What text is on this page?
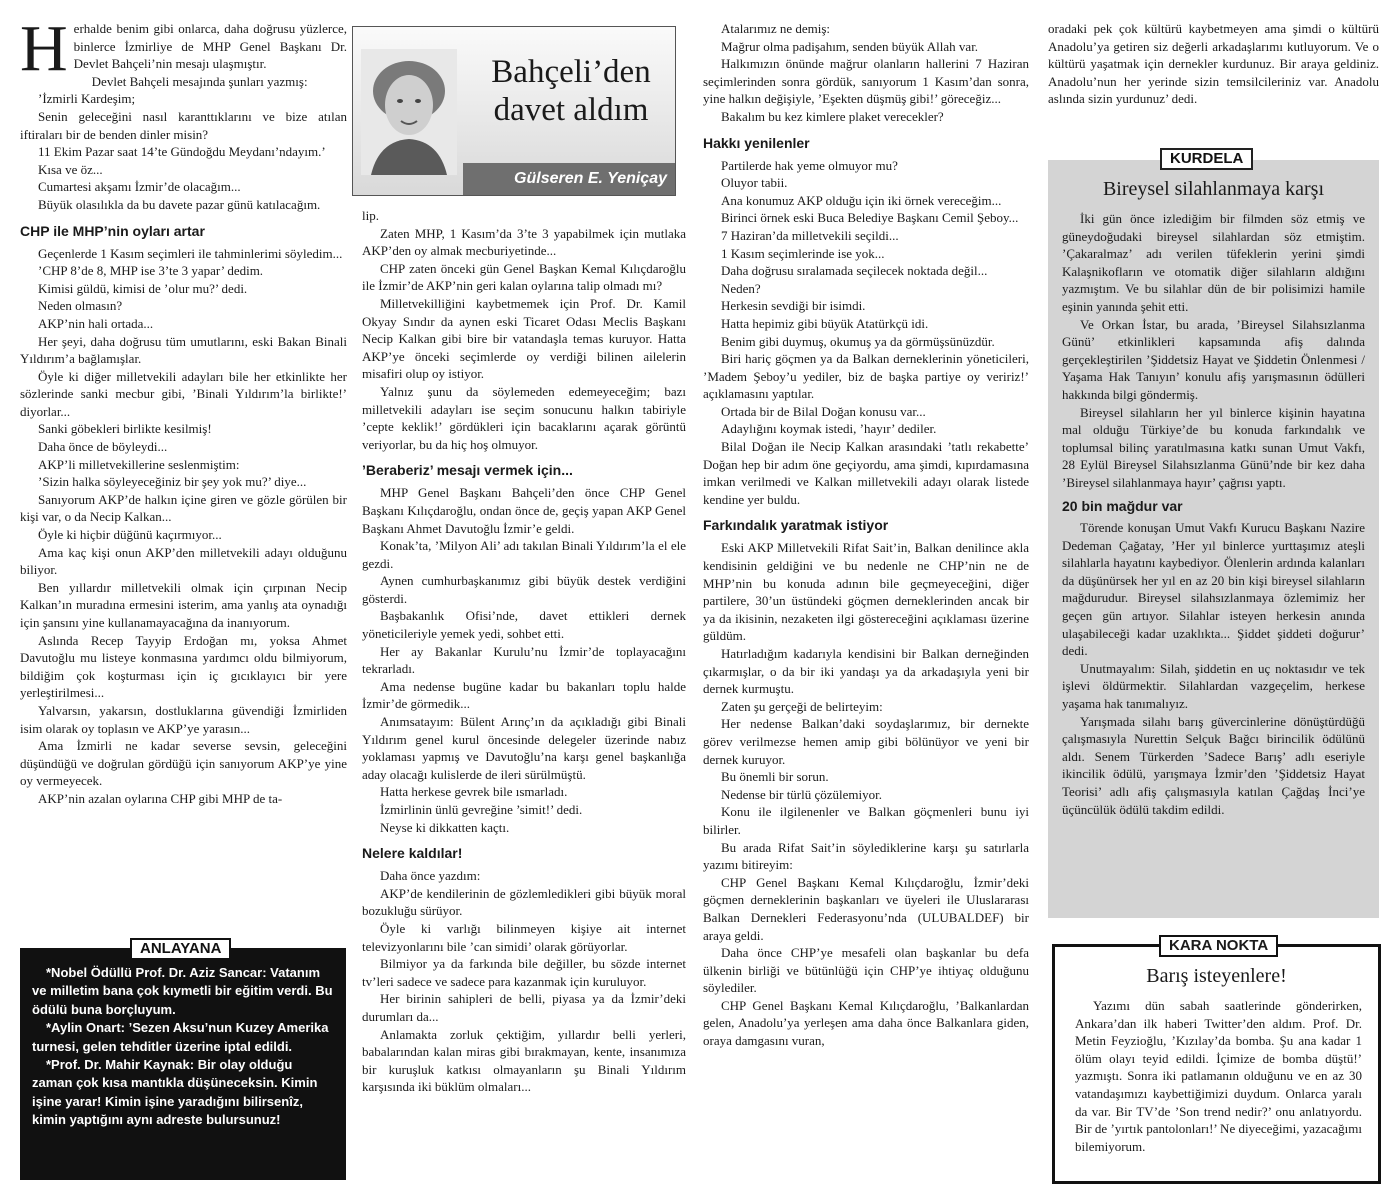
Herhalde benim gibi onlarca, daha doğrusu yüzlerce, binlerce İzmirliye de MHP Genel Başkanı Dr. Devlet Bahçeli’nin mesajı ulaşmıştır.

Devlet Bahçeli mesajında şunları yazmış:

’İzmirli Kardeşim;

Senin geleceğini nasıl karanttıklarını ve bize atılan iftiraları bir de benden dinler misin?

11 Ekim Pazar saat 14’te Gündoğdu Meydanı’ndayım.’

Kısa ve öz...

Cumartesi akşamı İzmir’de olacağım...

Büyük olasılıkla da bu davete pazar günü katılacağım.

CHP ile MHP’nin oyları artar

Geçenlerde 1 Kasım seçimleri ile tahminlerimi söyledim...

’CHP 8’de 8, MHP ise 3’te 3 yapar’ dedim.

Kimisi güldü, kimisi de ’olur mu?’ dedi.

Neden olmasın?

AKP’nin hali ortada...

Her şeyi, daha doğrusu tüm umutlarını, eski Bakan Binali Yıldırım’a bağlamışlar.

Öyle ki diğer milletvekili adayları bile her etkinlikte her sözlerinde sanki mecbur gibi, ’Binali Yıldırım’la birlikte!’ diyorlar...

Sanki göbekleri birlikte kesilmiş!

Daha önce de böyleydi...

AKP’li milletvekillerine seslenmiştim:

’Sizin halka söyleyeceğiniz bir şey yok mu?’ diye...

Sanıyorum AKP’de halkın içine giren ve gözle görülen bir kişi var, o da Necip Kalkan...

Öyle ki hiçbir düğünü kaçırmıyor...

Ama kaç kişi onun AKP’den milletvekili adayı olduğunu biliyor.

Ben yıllardır milletvekili olmak için çırpınan Necip Kalkan’ın muradına ermesini isterim, ama yanlış ata oynadığı için şansını yine kullanamayacağına da inanıyorum.

Aslında Recep Tayyip Erdoğan mı, yoksa Ahmet Davutoğlu mu listeye konmasına yardımcı oldu bilmiyorum, bildiğim çok koşturması için iç gıcıklayıcı bir yere yerleştirilmesi...

Yalvarsın, yakarsın, dostluklarına güvendiği İzmirliden isim olarak oy toplasın ve AKP’ye yarasın...

Ama İzmirli ne kadar severse sevsin, geleceğini düşündüğü ve doğrulan gördüğü için sanıyorum AKP’ye yine oy vermeyecek.

AKP’nin azalan oylarına CHP gibi MHP de ta-

Bahçeli’den
davet aldım
Gülseren E. Yeniçay
ANLAYANA

*Nobel Ödüllü Prof. Dr. Aziz Sancar: Vatanım ve milletim bana çok kıymetli bir eğitim verdi. Bu ödülü buna borçluyum.

*Aylin Onart: ’Sezen Aksu’nun Kuzey Amerika turnesi, gelen tehditler üzerine iptal edildi.

*Prof. Dr. Mahir Kaynak: Bir olay olduğu zaman çok kısa mantıkla düşüneceksin. Kimin işine yarar! Kimin işine yaradığını bilirsenîz, kimin yaptığını aynı adreste bulursunuz!

lip.

Zaten MHP, 1 Kasım’da 3’te 3 yapabilmek için mutlaka AKP’den oy almak mecburiyetinde...

CHP zaten önceki gün Genel Başkan Kemal Kılıçdaroğlu ile İzmir’de AKP’nin geri kalan oylarına talip olmadı mı?

Milletvekilliğini kaybetmemek için Prof. Dr. Kamil Okyay Sındır da aynen eski Ticaret Odası Meclis Başkanı Necip Kalkan gibi bire bir vatandaşla temas kuruyor. Hatta AKP’ye önceki seçimlerde oy verdiği bilinen ailelerin misafiri olup oy istiyor.

Yalnız şunu da söylemeden edemeyeceğim; bazı milletvekili adayları ise seçim sonucunu halkın tabiriyle ’cepte keklik!’ gördükleri için bacaklarını açarak görüntü veriyorlar, bu da hiç hoş olmuyor.

’Beraberiz’ mesajı vermek için...

MHP Genel Başkanı Bahçeli’den önce CHP Genel Başkanı Kılıçdaroğlu, ondan önce de, geçiş yapan AKP Genel Başkanı Ahmet Davutoğlu İzmir’e geldi.

Konak’ta, ’Milyon Ali’ adı takılan Binali Yıldırım’la el ele gezdi.

Aynen cumhurbaşkanımız gibi büyük destek verdiğini gösterdi.

Başbakanlık Ofisi’nde, davet ettikleri dernek yöneticileriyle yemek yedi, sohbet etti.

Her ay Bakanlar Kurulu’nu İzmir’de toplayacağını tekrarladı.

Ama nedense bugüne kadar bu bakanları toplu halde İzmir’de görmedik...

Anımsatayım: Bülent Arınç’ın da açıkladığı gibi Binali Yıldırım genel kurul öncesinde delegeler üzerinde nabız yoklaması yapmış ve Davutoğlu’na karşı genel başkanlığa aday olacağı kulislerde de ileri sürülmüştü.

Hatta herkese gevrek bile ısmarladı.

İzmirlinin ünlü gevreğine ’simit!’ dedi.

Neyse ki dikkatten kaçtı.

Nelere kaldılar!

Daha önce yazdım:

AKP’de kendilerinin de gözlemledikleri gibi büyük moral bozukluğu sürüyor.

Öyle ki varlığı bilinmeyen kişiye ait internet televizyonlarını bile ’can simidi’ olarak görüyorlar.

Bilmiyor ya da farkında bile değiller, bu sözde internet tv’leri sadece ve sadece para kazanmak için kuruluyor.

Her birinin sahipleri de belli, piyasa ya da İzmir’deki durumları da...

Anlamakta zorluk çektiğim, yıllardır belli yerleri, babalarından kalan miras gibi bırakmayan, kente, insanımıza bir kuruşluk katkısı olmayanların şu Binali Yıldırım karşısında iki büklüm olmaları...

Atalarımız ne demiş:

Mağrur olma padişahım, senden büyük Allah var.

Halkımızın önünde mağrur olanların hallerini 7 Haziran seçimlerinden sonra gördük, sanıyorum 1 Kasım’dan sonra, yine halkın değişiyle, ’Eşekten düşmüş gibi!’ göreceğiz...

Bakalım bu kez kimlere plaket verecekler?

Hakkı yenilenler

Partilerde hak yeme olmuyor mu?

Oluyor tabii.

Ana konumuz AKP olduğu için iki örnek vereceğim...

Birinci örnek eski Buca Belediye Başkanı Cemil Şeboy...

7 Haziran’da milletvekili seçildi...

1 Kasım seçimlerinde ise yok...

Daha doğrusu sıralamada seçilecek noktada değil...

Neden?

Herkesin sevdiği bir isimdi.

Hatta hepimiz gibi büyük Atatürkçü idi.

Benim gibi duymuş, okumuş ya da görmüşsünüzdür.

Biri hariç göçmen ya da Balkan derneklerinin yöneticileri, ’Madem Şeboy’u yediler, biz de başka partiye oy veririz!’ açıklamasını yaptılar.

Ortada bir de Bilal Doğan konusu var...

Adaylığını koymak istedi, ’hayır’ dediler.

Bilal Doğan ile Necip Kalkan arasındaki ’tatlı rekabette’ Doğan hep bir adım öne geçiyordu, ama şimdi, kıpırdamasına imkan verilmedi ve Kalkan milletvekili adayı olarak listede kendine yer buldu.

Farkındalık yaratmak istiyor

Eski AKP Milletvekili Rifat Sait’in, Balkan denilince akla kendisinin geldiğini ve bu nedenle ne CHP’nin ne de MHP’nin bu konuda adının bile geçmeyeceğini, diğer partilere, 30’un üstündeki göçmen derneklerinden ancak bir ya da ikisinin, nezaketen ilgi göstereceğini açıklaması üzerine güldüm.

Hatırladığım kadarıyla kendisini bir Balkan derneğinden çıkarmışlar, o da bir iki yandaşı ya da arkadaşıyla yeni bir dernek kurmuştu.

Zaten şu gerçeği de belirteyim:

Her nedense Balkan’daki soydaşlarımız, bir dernekte görev verilmezse hemen amip gibi bölünüyor ve yeni bir dernek kuruyor.

Bu önemli bir sorun.

Nedense bir türlü çözülemiyor.

Konu ile ilgilenenler ve Balkan göçmenleri bunu iyi bilirler.

Bu arada Rifat Sait’in söylediklerine karşı şu satırlarla yazımı bitireyim:

CHP Genel Başkanı Kemal Kılıçdaroğlu, İzmir’deki göçmen derneklerinin başkanları ve üyeleri ile Uluslararası Balkan Dernekleri Federasyonu’nda (ULUBALDEF) bir araya geldi.

Daha önce CHP’ye mesafeli olan başkanlar bu defa ülkenin birliği ve bütünlüğü için CHP’ye ihtiyaç olduğunu söylediler.

CHP Genel Başkanı Kemal Kılıçdaroğlu, ’Balkanlardan gelen, Anadolu’ya yerleşen ama daha önce Balkanlara giden, oraya damgasını vuran,

oradaki pek çok kültürü kaybetmeyen ama şimdi o kültürü Anadolu’ya getiren siz değerli arkadaşlarımı kutluyorum. Ve o kültürü yaşatmak için dernekler kurdunuz. Bir araya geldiniz. Anadolu’nun her yerinde sizin temsilcileriniz var. Anadolu aslında sizin yurdunuz’ dedi.

KURDELA
Bireysel silahlanmaya karşı

İki gün önce izlediğim bir filmden söz etmiş ve güneydoğudaki bireysel silahlardan söz etmiştim. ’Çakaralmaz’ adı verilen tüfeklerin yerini şimdi Kalaşnikofların ve otomatik diğer silahların aldığını yazmıştım. Ve bu silahlar dün de bir polisimizi hamile eşinin yanında şehit etti.

Ve Orkan İstar, bu arada, ’Bireysel Silahsızlanma Günü’ etkinlikleri kapsamında afiş dalında gerçekleştirilen ’Şiddetsiz Hayat ve Şiddetin Önlenmesi / Yaşama Hak Tanıyın’ konulu afiş yarışmasının ödülleri hakkında bilgi göndermiş.

Bireysel silahların her yıl binlerce kişinin hayatına mal olduğu Türkiye’de bu konuda farkındalık ve toplumsal bilinç yaratılmasına katkı sunan Umut Vakfı, 28 Eylül Bireysel Silahsızlanma Günü’nde bir kez daha ’Bireysel silahlanmaya hayır’ çağrısı yaptı.

20 bin mağdur var

Törende konuşan Umut Vakfı Kurucu Başkanı Nazire Dedeman Çağatay, ’Her yıl binlerce yurttaşımız ateşli silahlarla hayatını kaybediyor. Ölenlerin ardında kalanları da düşünürsek her yıl en az 20 bin kişi bireysel silahların mağdurudur. Bireysel silahsızlanmaya özlemimiz her geçen gün artıyor. Silahlar isteyen herkesin anında ulaşabileceği kadar uzaklıkta... Şiddet şiddeti doğurur’ dedi.

Unutmayalım: Silah, şiddetin en uç noktasıdır ve tek işlevi öldürmektir. Silahlardan vazgeçelim, herkese yaşama hak tanımalıyız.

Yarışmada silahı barış güvercinlerine dönüştürdüğü çalışmasıyla Nurettin Selçuk Bağcı birincilik ödülünü aldı. Senem Türkerden ’Sadece Barış’ adlı eseriyle ikincilik ödülü, yarışmaya İzmir’den ’Şiddetsiz Hayat Teorisi’ adlı afiş çalışmasıyla katılan Çağdaş İnci’ye üçüncülük ödülü takdim edildi.

KARA NOKTA
Barış isteyenlere!

Yazımı dün sabah saatlerinde gönderirken, Ankara’dan ilk haberi Twitter’den aldım. Prof. Dr. Metin Feyzioğlu, ’Kızılay’da bomba. Şu ana kadar 1 ölüm olayı teyid edildi. İçimize de bomba düştü!’ yazmıştı. Sonra iki patlamanın olduğunu ve en az 30 vatandaşımızı kaybettiğimizi duydum. Onlarca yaralı da var. Bir TV’de ’Son trend nedir?’ onu anlatıyordu. Bir de ’yırtık pantolonları!’ Ne diyeceğimi, yazacağımı bilemiyorum.
